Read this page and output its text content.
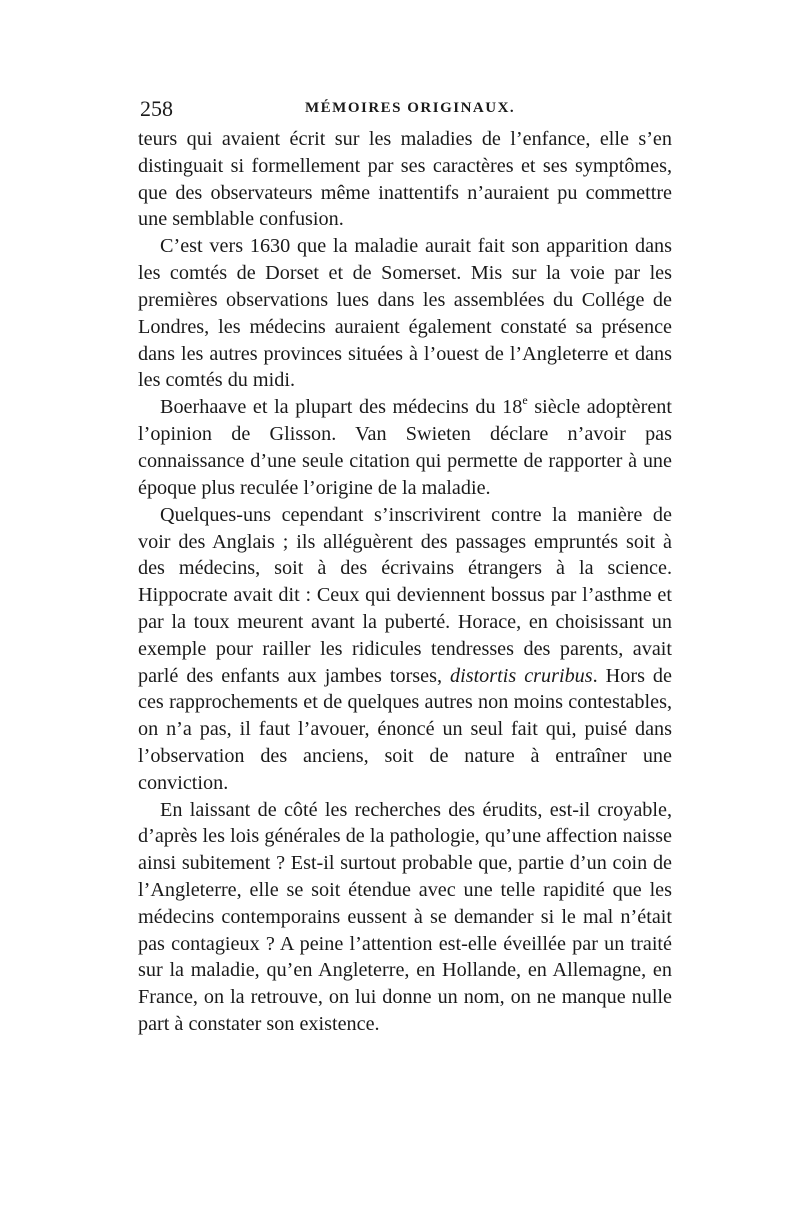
258	MÉMOIRES ORIGINAUX.

teurs qui avaient écrit sur les maladies de l’enfance, elle s’en distinguait si formellement par ses caractères et ses symptômes, que des observateurs même inattentifs n’auraient pu commettre une semblable confusion.

C’est vers 1630 que la maladie aurait fait son apparition dans les comtés de Dorset et de Somerset. Mis sur la voie par les premières observations lues dans les assemblées du Collége de Londres, les médecins auraient également constaté sa présence dans les autres provinces situées à l’ouest de l’Angleterre et dans les comtés du midi.

Boerhaave et la plupart des médecins du 18e siècle adoptèrent l’opinion de Glisson. Van Swieten déclare n’avoir pas connaissance d’une seule citation qui permette de rapporter à une époque plus reculée l’origine de la maladie.

Quelques-uns cependant s’inscrivirent contre la manière de voir des Anglais ; ils alléguèrent des passages empruntés soit à des médecins, soit à des écrivains étrangers à la science. Hippocrate avait dit : Ceux qui deviennent bossus par l’asthme et par la toux meurent avant la puberté. Horace, en choisissant un exemple pour railler les ridicules tendresses des parents, avait parlé des enfants aux jambes torses, distortis cruribus. Hors de ces rapprochements et de quelques autres non moins contestables, on n’a pas, il faut l’avouer, énoncé un seul fait qui, puisé dans l’observation des anciens, soit de nature à entraîner une conviction.

En laissant de côté les recherches des érudits, est-il croyable, d’après les lois générales de la pathologie, qu’une affection naisse ainsi subitement ? Est-il surtout probable que, partie d’un coin de l’Angleterre, elle se soit étendue avec une telle rapidité que les médecins contemporains eussent à se demander si le mal n’était pas contagieux ? A peine l’attention est-elle éveillée par un traité sur la maladie, qu’en Angleterre, en Hollande, en Allemagne, en France, on la retrouve, on lui donne un nom, on ne manque nulle part à constater son existence.
